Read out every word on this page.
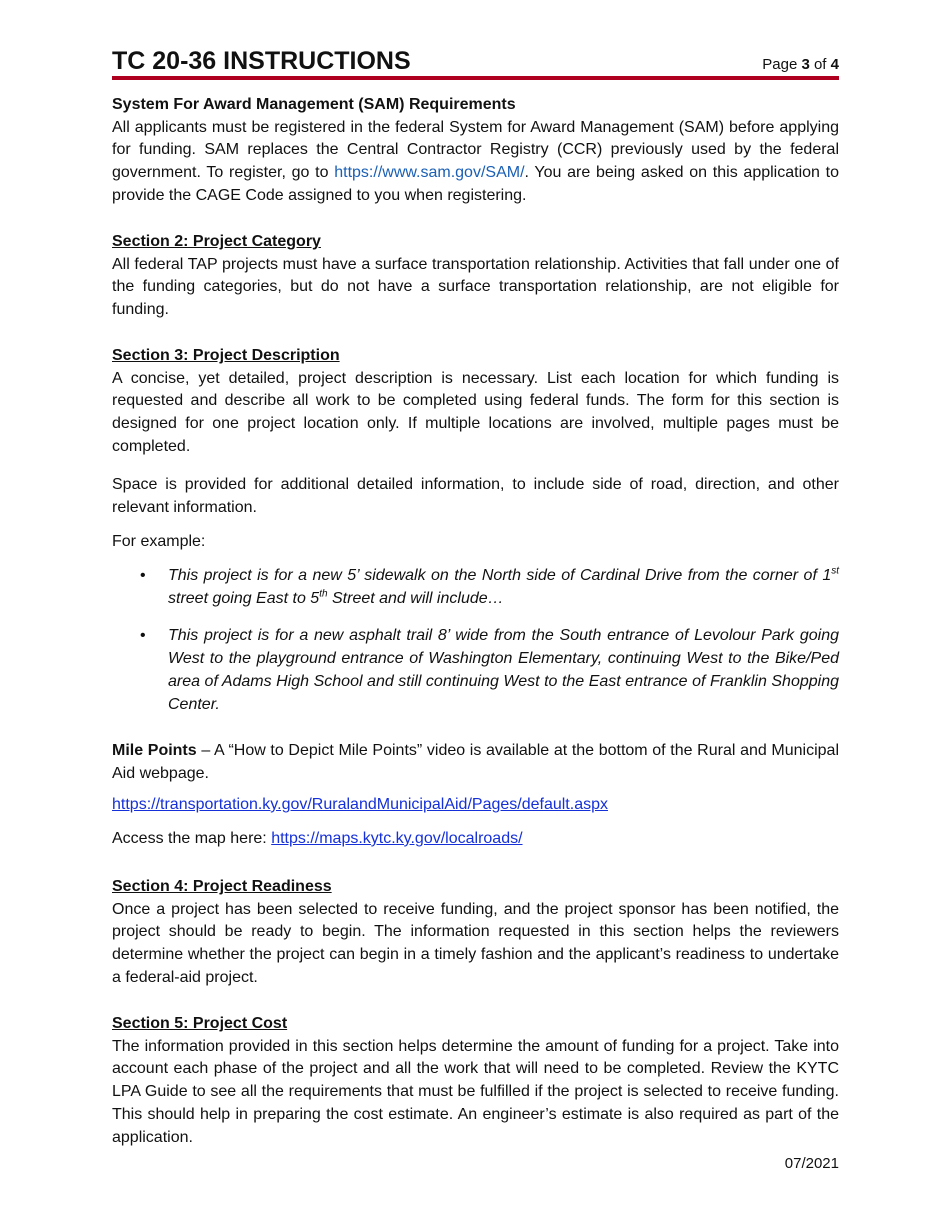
TC 20-36 INSTRUCTIONS	Page 3 of 4
System For Award Management (SAM) Requirements
All applicants must be registered in the federal System for Award Management (SAM) before applying for funding. SAM replaces the Central Contractor Registry (CCR) previously used by the federal government. To register, go to https://www.sam.gov/SAM/. You are being asked on this application to provide the CAGE Code assigned to you when registering.
Section 2: Project Category
All federal TAP projects must have a surface transportation relationship. Activities that fall under one of the funding categories, but do not have a surface transportation relationship, are not eligible for funding.
Section 3: Project Description
A concise, yet detailed, project description is necessary. List each location for which funding is requested and describe all work to be completed using federal funds. The form for this section is designed for one project location only. If multiple locations are involved, multiple pages must be completed.
Space is provided for additional detailed information, to include side of road, direction, and other relevant information.
For example:
• This project is for a new 5’ sidewalk on the North side of Cardinal Drive from the corner of 1st street going East to 5th Street and will include…
• This project is for a new asphalt trail 8’ wide from the South entrance of Levolour Park going West to the playground entrance of Washington Elementary, continuing West to the Bike/Ped area of Adams High School and still continuing West to the East entrance of Franklin Shopping Center.
Mile Points – A “How to Depict Mile Points” video is available at the bottom of the Rural and Municipal Aid webpage.
https://transportation.ky.gov/RuralandMunicipalAid/Pages/default.aspx
Access the map here: https://maps.kytc.ky.gov/localroads/
Section 4: Project Readiness
Once a project has been selected to receive funding, and the project sponsor has been notified, the project should be ready to begin. The information requested in this section helps the reviewers determine whether the project can begin in a timely fashion and the applicant’s readiness to undertake a federal-aid project.
Section 5: Project Cost
The information provided in this section helps determine the amount of funding for a project. Take into account each phase of the project and all the work that will need to be completed. Review the KYTC LPA Guide to see all the requirements that must be fulfilled if the project is selected to receive funding. This should help in preparing the cost estimate. An engineer’s estimate is also required as part of the application.
07/2021
